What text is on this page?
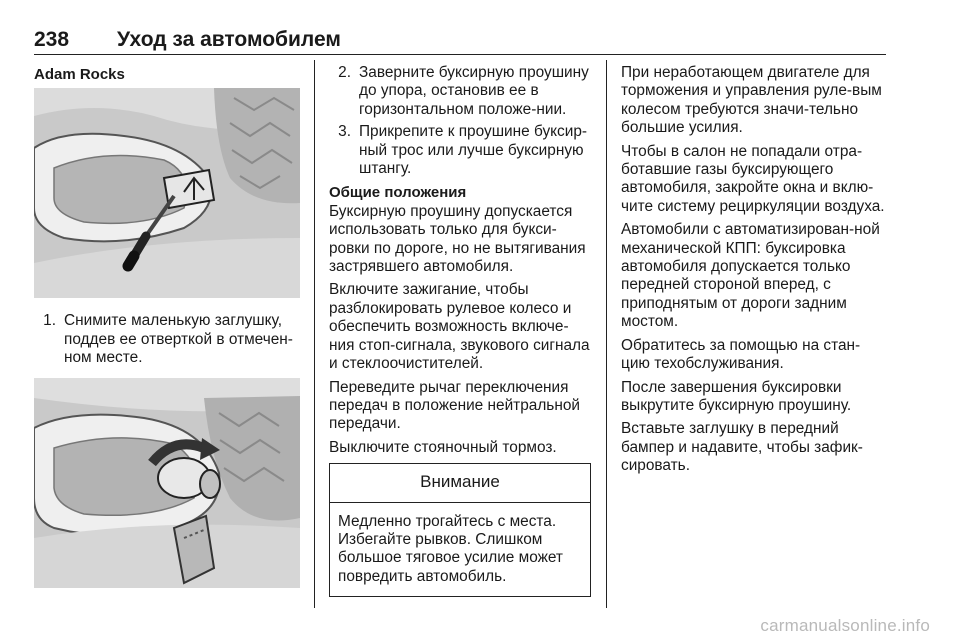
238 Уход за автомобилем
Adam Rocks
1. Снимите маленькую заглушку, поддев ее отверткой в отмечен-ном месте.
2. Заверните буксирную проушину до упора, остановив ее в горизонтальном положе-нии.
3. Прикрепите к проушине буксир-ный трос или лучше буксирную штангу.
Общие положения

Буксирную проушину допускается использовать только для букси-ровки по дороге, но не вытягивания застрявшего автомобиля.

Включите зажигание, чтобы разблокировать рулевое колесо и обеспечить возможность включе-ния стоп-сигнала, звукового сигнала и стеклоочистителей.

Переведите рычаг переключения передач в положение нейтральной передачи.

Выключите стояночный тормоз.

Внимание
Медленно трогайтесь с места. Избегайте рывков. Слишком большое тяговое усилие может повредить автомобиль.

При неработающем двигателе для торможения и управления руле-вым колесом требуются значи-тельно большие усилия.

Чтобы в салон не попадали отра-ботавшие газы буксирующего автомобиля, закройте окна и вклю-чите систему рециркуляции воздуха.

Автомобили с автоматизирован-ной механической КПП: буксировка автомобиля допускается только передней стороной вперед, с приподнятым от дороги задним мостом.

Обратитесь за помощью на стан-цию техобслуживания.

После завершения буксировки выкрутите буксирную проушину.

Вставьте заглушку в передний бампер и надавите, чтобы зафик-сировать.

carmanualsonline.info
